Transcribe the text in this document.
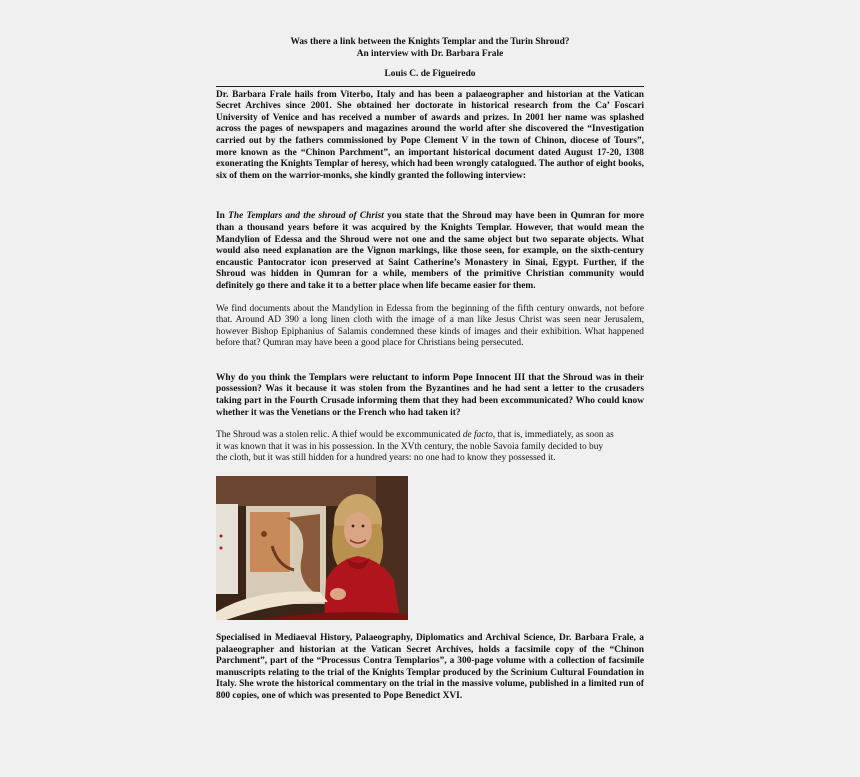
Was there a link between the Knights Templar and the Turin Shroud?
An interview with Dr. Barbara Frale
Louis C. de Figueiredo

Dr. Barbara Frale hails from Viterbo, Italy and has been a palaeographer and historian at the Vatican Secret Archives since 2001. She obtained her doctorate in historical research from the Ca’ Foscari University of Venice and has received a number of awards and prizes. In 2001 her name was splashed across the pages of newspapers and magazines around the world after she discovered the “Investigation carried out by the fathers commissioned by Pope Clement V in the town of Chinon, diocese of Tours”, more known as the “Chinon Parchment”, an important historical document dated August 17-20, 1308 exonerating the Knights Templar of heresy, which had been wrongly catalogued. The author of eight books, six of them on the warrior-monks, she kindly granted the following interview:

In The Templars and the shroud of Christ you state that the Shroud may have been in Qumran for more than a thousand years before it was acquired by the Knights Templar. However, that would mean the Mandylion of Edessa and the Shroud were not one and the same object but two separate objects. What would also need explanation are the Vignon markings, like those seen, for example, on the sixth-century encaustic Pantocrator icon preserved at Saint Catherine’s Monastery in Sinai, Egypt. Further, if the Shroud was hidden in Qumran for a while, members of the primitive Christian community would definitely go there and take it to a better place when life became easier for them.

We find documents about the Mandylion in Edessa from the beginning of the fifth century onwards, not before that. Around AD 390 a long linen cloth with the image of a man like Jesus Christ was seen near Jerusalem, however Bishop Epiphanius of Salamis condemned these kinds of images and their exhibition. What happened before that? Qumran may have been a good place for Christians being persecuted.

Why do you think the Templars were reluctant to inform Pope Innocent III that the Shroud was in their possession? Was it because it was stolen from the Byzantines and he had sent a letter to the crusaders taking part in the Fourth Crusade informing them that they had been excommunicated? Who could know whether it was the Venetians or the French who had taken it?

The Shroud was a stolen relic. A thief would be excommunicated de facto, that is, immediately, as soon as
it was known that it was in his possession. In the XVth century, the noble Savoia family decided to buy
the cloth, but it was still hidden for a hundred years: no one had to know they possessed it.

Specialised in Mediaeval History, Palaeography, Diplomatics and Archival Science, Dr. Barbara Frale, a palaeographer and historian at the Vatican Secret Archives, holds a facsimile copy of the “Chinon Parchment”, part of the “Processus Contra Templarios”, a 300-page volume with a collection of facsimile manuscripts relating to the trial of the Knights Templar produced by the Scrinium Cultural Foundation in Italy. She wrote the historical commentary on the trial in the massive volume, published in a limited run of 800 copies, one of which was presented to Pope Benedict XVI.
